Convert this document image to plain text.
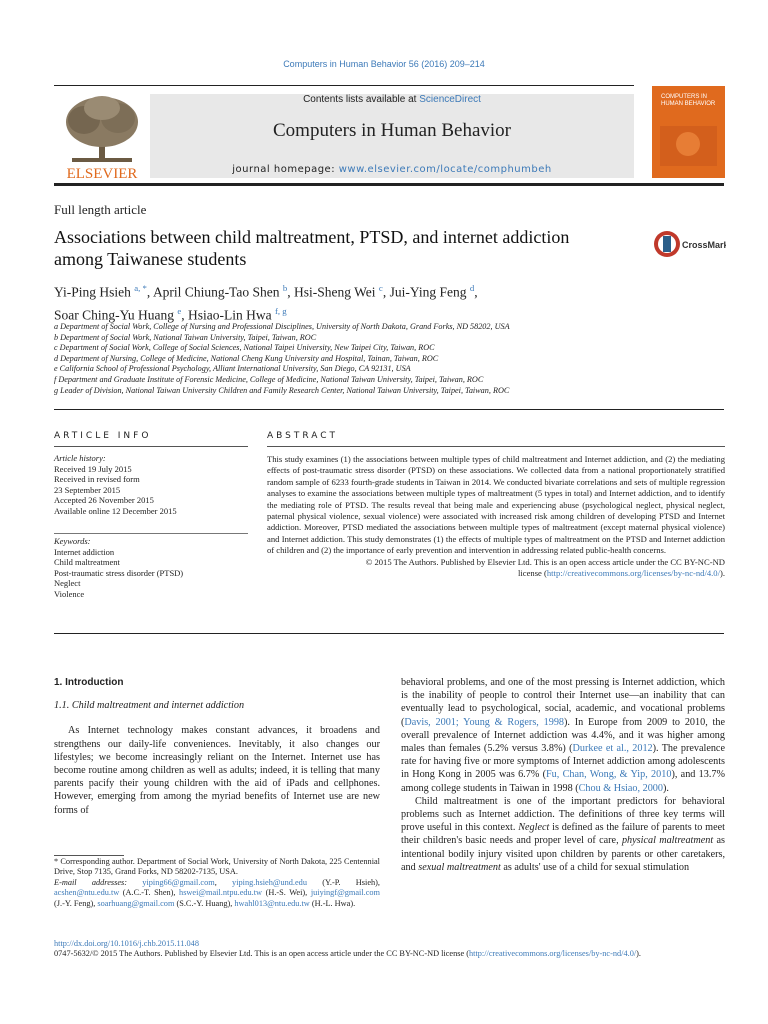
Computers in Human Behavior 56 (2016) 209–214
ELSEVIER
Contents lists available at ScienceDirect
Computers in Human Behavior
journal homepage: www.elsevier.com/locate/comphumbeh
COMPUTERS IN HUMAN BEHAVIOR
Full length article
Associations between child maltreatment, PTSD, and internet addiction among Taiwanese students
CrossMark
Yi-Ping Hsieh $^{a, *}$, April Chiung-Tao Shen $^b$, Hsi-Sheng Wei $^c$, Jui-Ying Feng $^d$,
Soar Ching-Yu Huang $^e$, Hsiao-Lin Hwa $^{f, g}$
a Department of Social Work, College of Nursing and Professional Disciplines, University of North Dakota, Grand Forks, ND 58202, USA
b Department of Social Work, National Taiwan University, Taipei, Taiwan, ROC
c Department of Social Work, College of Social Sciences, National Taipei University, New Taipei City, Taiwan, ROC
d Department of Nursing, College of Medicine, National Cheng Kung University and Hospital, Tainan, Taiwan, ROC
e California School of Professional Psychology, Alliant International University, San Diego, CA 92131, USA
f Department and Graduate Institute of Forensic Medicine, College of Medicine, National Taiwan University, Taipei, Taiwan, ROC
g Leader of Division, National Taiwan University Children and Family Research Center, National Taiwan University, Taipei, Taiwan, ROC
ARTICLE INFO	ABSTRACT
Article history:
Received 19 July 2015
Received in revised form
23 September 2015
Accepted 26 November 2015
Available online 12 December 2015
Keywords:
Internet addiction
Child maltreatment
Post-traumatic stress disorder (PTSD)
Neglect
Violence
This study examines (1) the associations between multiple types of child maltreatment and Internet addiction, and (2) the mediating effects of post-traumatic stress disorder (PTSD) on these associations. We collected data from a national proportionately stratified random sample of 6233 fourth-grade students in Taiwan in 2014. We conducted bivariate correlations and sets of multiple regression analyses to examine the associations between multiple types of maltreatment (5 types in total) and Internet addiction, and to identify the mediating role of PTSD. The results reveal that being male and experiencing abuse (psychological neglect, physical neglect, paternal physical violence, sexual violence) were associated with increased risk among children of developing PTSD and Internet addiction. Moreover, PTSD mediated the associations between multiple types of maltreatment (except maternal physical violence) and Internet addiction. This study demonstrates (1) the effects of multiple types of maltreatment on the PTSD and Internet addiction of children and (2) the importance of early prevention and intervention in addressing related public-health concerns.
© 2015 The Authors. Published by Elsevier Ltd. This is an open access article under the CC BY-NC-ND
license (http://creativecommons.org/licenses/by-nc-nd/4.0/).

1. Introduction

1.1. Child maltreatment and internet addiction

As Internet technology makes constant advances, it broadens and strengthens our daily-life conveniences. Inevitably, it also changes our lifestyles; we become increasingly reliant on the Internet. Internet use has become routine among children as well as adults; indeed, it is telling that many parents pacify their young children with the aid of iPads and cellphones. However, emerging from among the myriad benefits of Internet use are new forms of

behavioral problems, and one of the most pressing is Internet addiction, which is the inability of people to control their Internet use—an inability that can eventually lead to psychological, social, academic, and vocational problems (Davis, 2001; Young & Rogers, 1998). In Europe from 2009 to 2010, the overall prevalence of Internet addiction was 4.4%, and it was higher among males than females (5.2% versus 3.8%) (Durkee et al., 2012). The prevalence rate for having five or more symptoms of Internet addiction among adolescents in Hong Kong in 2005 was 6.7% (Fu, Chan, Wong, & Yip, 2010), and 13.7% among college students in Taiwan in 1998 (Chou & Hsiao, 2000).

Child maltreatment is one of the important predictors for behavioral problems such as Internet addiction. The definitions of three key terms will prove useful in this context. Neglect is defined as the failure of parents to meet their children's basic needs and proper level of care, physical maltreatment as intentional bodily injury visited upon children by parents or other caretakers, and sexual maltreatment as adults' use of a child for sexual stimulation

* Corresponding author. Department of Social Work, University of North Dakota, 225 Centennial Drive, Stop 7135, Grand Forks, ND 58202-7135, USA.
E-mail addresses: yiping66@gmail.com, yiping.hsieh@und.edu (Y.-P. Hsieh), acshen@ntu.edu.tw (A.C.-T. Shen), hswei@mail.ntpu.edu.tw (H.-S. Wei), juiyingf@gmail.com (J.-Y. Feng), soarhuang@gmail.com (S.C.-Y. Huang), hwahl013@ntu.edu.tw (H.-L. Hwa).
http://dx.doi.org/10.1016/j.chb.2015.11.048
0747-5632/© 2015 The Authors. Published by Elsevier Ltd. This is an open access article under the CC BY-NC-ND license (http://creativecommons.org/licenses/by-nc-nd/4.0/).
